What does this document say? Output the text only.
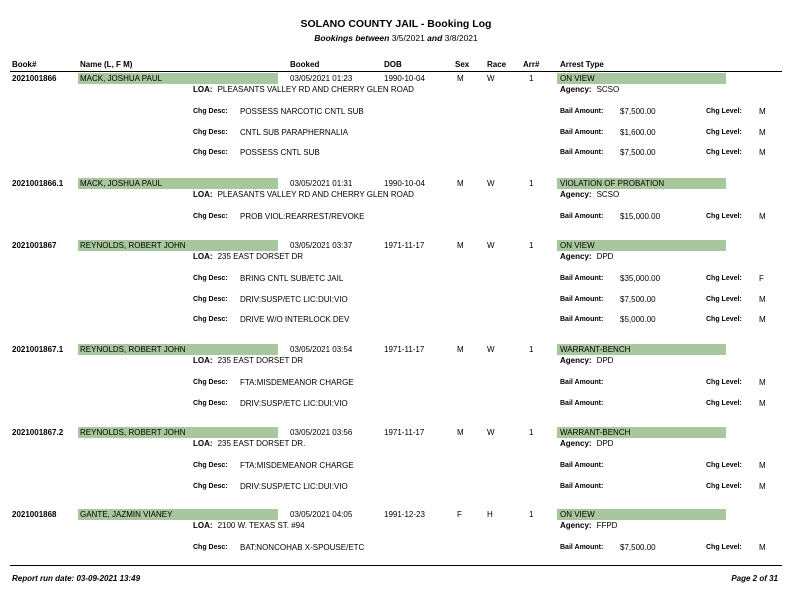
SOLANO COUNTY JAIL - Booking Log
Bookings between 3/5/2021 and 3/8/2021
Book#	Name (L, F M)	Booked	DOB	Sex Race Arr#	Arrest Type
2021001866	MACK, JOSHUA PAUL	03/05/2021 01:23	1990-10-04	M	W	1	ON VIEW
LOA: PLEASANTS VALLEY RD AND CHERRY GLEN ROAD	Agency: SCSO
Chg Desc: POSSESS NARCOTIC CNTL SUB	Bail Amount: $7,500.00	Chg Level: M
Chg Desc: CNTL SUB PARAPHERNALIA	Bail Amount: $1,600.00	Chg Level: M
Chg Desc: POSSESS CNTL SUB	Bail Amount: $7,500.00	Chg Level: M
2021001866.1 MACK, JOSHUA PAUL	03/05/2021 01:31	1990-10-04	M	W	1	VIOLATION OF PROBATION
LOA: PLEASANTS VALLEY RD AND CHERRY GLEN ROAD	Agency: SCSO
Chg Desc: PROB VIOL:REARREST/REVOKE	Bail Amount: $15,000.00	Chg Level: M
2021001867	REYNOLDS, ROBERT JOHN	03/05/2021 03:37	1971-11-17	M	W	1	ON VIEW
LOA: 235 EAST DORSET DR	Agency: DPD
Chg Desc: BRING CNTL SUB/ETC JAIL	Bail Amount: $35,000.00	Chg Level: F
Chg Desc: DRIV:SUSP/ETC LIC:DUI:VIO	Bail Amount: $7,500.00	Chg Level: M
Chg Desc: DRIVE W/O INTERLOCK DEV	Bail Amount: $5,000.00	Chg Level: M
2021001867.1 REYNOLDS, ROBERT JOHN	03/05/2021 03:54	1971-11-17	M	W	1	WARRANT-BENCH
LOA: 235 EAST DORSET DR	Agency: DPD
Chg Desc: FTA:MISDEMEANOR CHARGE	Bail Amount:	Chg Level: M
Chg Desc: DRIV:SUSP/ETC LIC:DUI:VIO	Bail Amount:	Chg Level: M
2021001867.2 REYNOLDS, ROBERT JOHN	03/05/2021 03:56	1971-11-17	M	W	1	WARRANT-BENCH
LOA: 235 EAST DORSET DR.	Agency: DPD
Chg Desc: FTA:MISDEMEANOR CHARGE	Bail Amount:	Chg Level: M
Chg Desc: DRIV:SUSP/ETC LIC:DUI:VIO	Bail Amount:	Chg Level: M
2021001868	GANTE, JAZMIN VIANEY	03/05/2021 04:05	1991-12-23	F	H	1	ON VIEW
LOA: 2100 W. TEXAS ST. #94	Agency: FFPD
Chg Desc: BAT:NONCOHAB X-SPOUSE/ETC	Bail Amount: $7,500.00	Chg Level: M
Report run date: 03-09-2021 13:49	Page 2 of 31
